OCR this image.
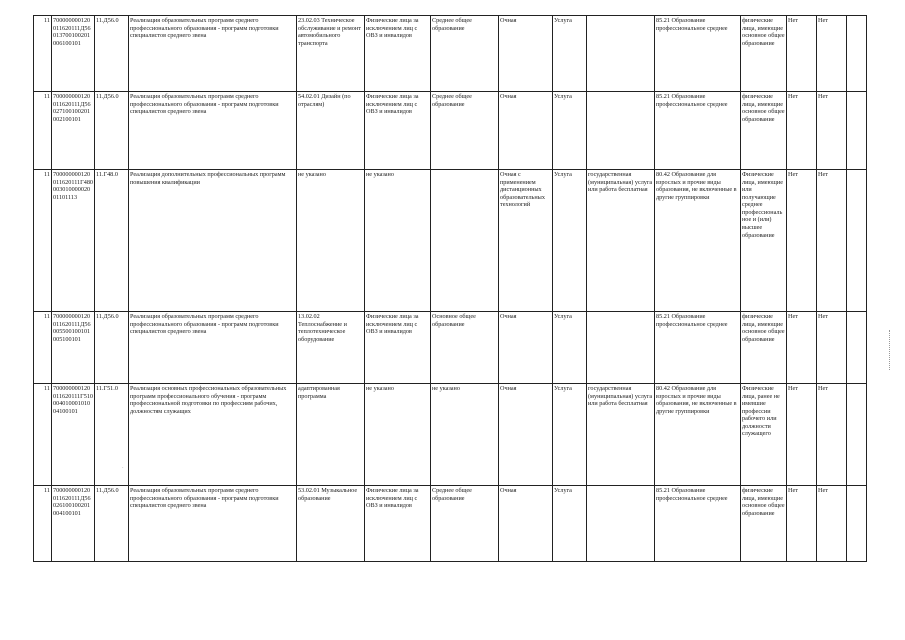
11	700000000120011620111Д56013700100201006100101	11.Д56.0	Реализация образовательных программ среднего профессионального образования - программ подготовки специалистов среднего звена	23.02.03 Техническое обслуживание и ремонт автомобильного транспорта	Физические лица за исключением лиц с ОВЗ и инвалидов	Среднее общее образование	Очная	Услуга		85.21 Образование профессиональное среднее	физические лица, имеющие основное общее образование	Нет	Нет	
11	700000000120011620111Д56027100100201002100101	11.Д56.0	Реализация образовательных программ среднего профессионального образования - программ подготовки специалистов среднего звена	54.02.01 Дизайн (по отраслям)	Физические лица за исключением лиц с ОВЗ и инвалидов	Среднее общее образование	Очная	Услуга		85.21 Образование профессиональное среднее	физические лица, имеющие основное общее образование	Нет	Нет	
11	700000000120011620111Г48000301000002001101113	11.Г48.0	Реализация дополнительных профессиональных программ повышения квалификации	не указано	не указано		Очная с применением дистанционных образовательных технологий	Услуга	государственная (муниципальная) услуга или работа бесплатная	80.42 Образование для взрослых и прочие виды образования, не включенные в другие группировки	Физические лица, имеющие или получающие среднее профессиональное и (или) высшее образование	Нет	Нет	
11	700000000120011620111Д56005500100101005100101	11.Д56.0	Реализация образовательных программ среднего профессионального образования - программ подготовки специалистов среднего звена	13.02.02 Теплоснабжение и теплотехническое оборудование	Физические лица за исключением лиц с ОВЗ и инвалидов	Основное общее образование	Очная	Услуга		85.21 Образование профессиональное среднее	физические лица, имеющие основное общее образование	Нет	Нет	
11	700000000120011620111Г51000401000101004100101	11.Г51.0	Реализация основных профессиональных образовательных программ профессионального обучения - программ профессиональной подготовки по профессиям рабочих, должностям служащих	адаптированная программа	не указано	не указано	Очная	Услуга	государственная (муниципальная) услуга или работа бесплатная	80.42 Образование для взрослых и прочие виды образования, не включенные в другие группировки	Физические лица, ранее не имевшие профессии рабочего или должности служащего	Нет	Нет	
11	700000000120011620111Д56026100100201004100101	11.Д56.0	Реализация образовательных программ среднего профессионального образования - программ подготовки специалистов среднего звена	53.02.01 Музыкальное образование	Физические лица за исключением лиц с ОВЗ и инвалидов	Среднее общее образование	Очная	Услуга		85.21 Образование профессиональное среднее	физические лица, имеющие основное общее образование	Нет	Нет	
·
